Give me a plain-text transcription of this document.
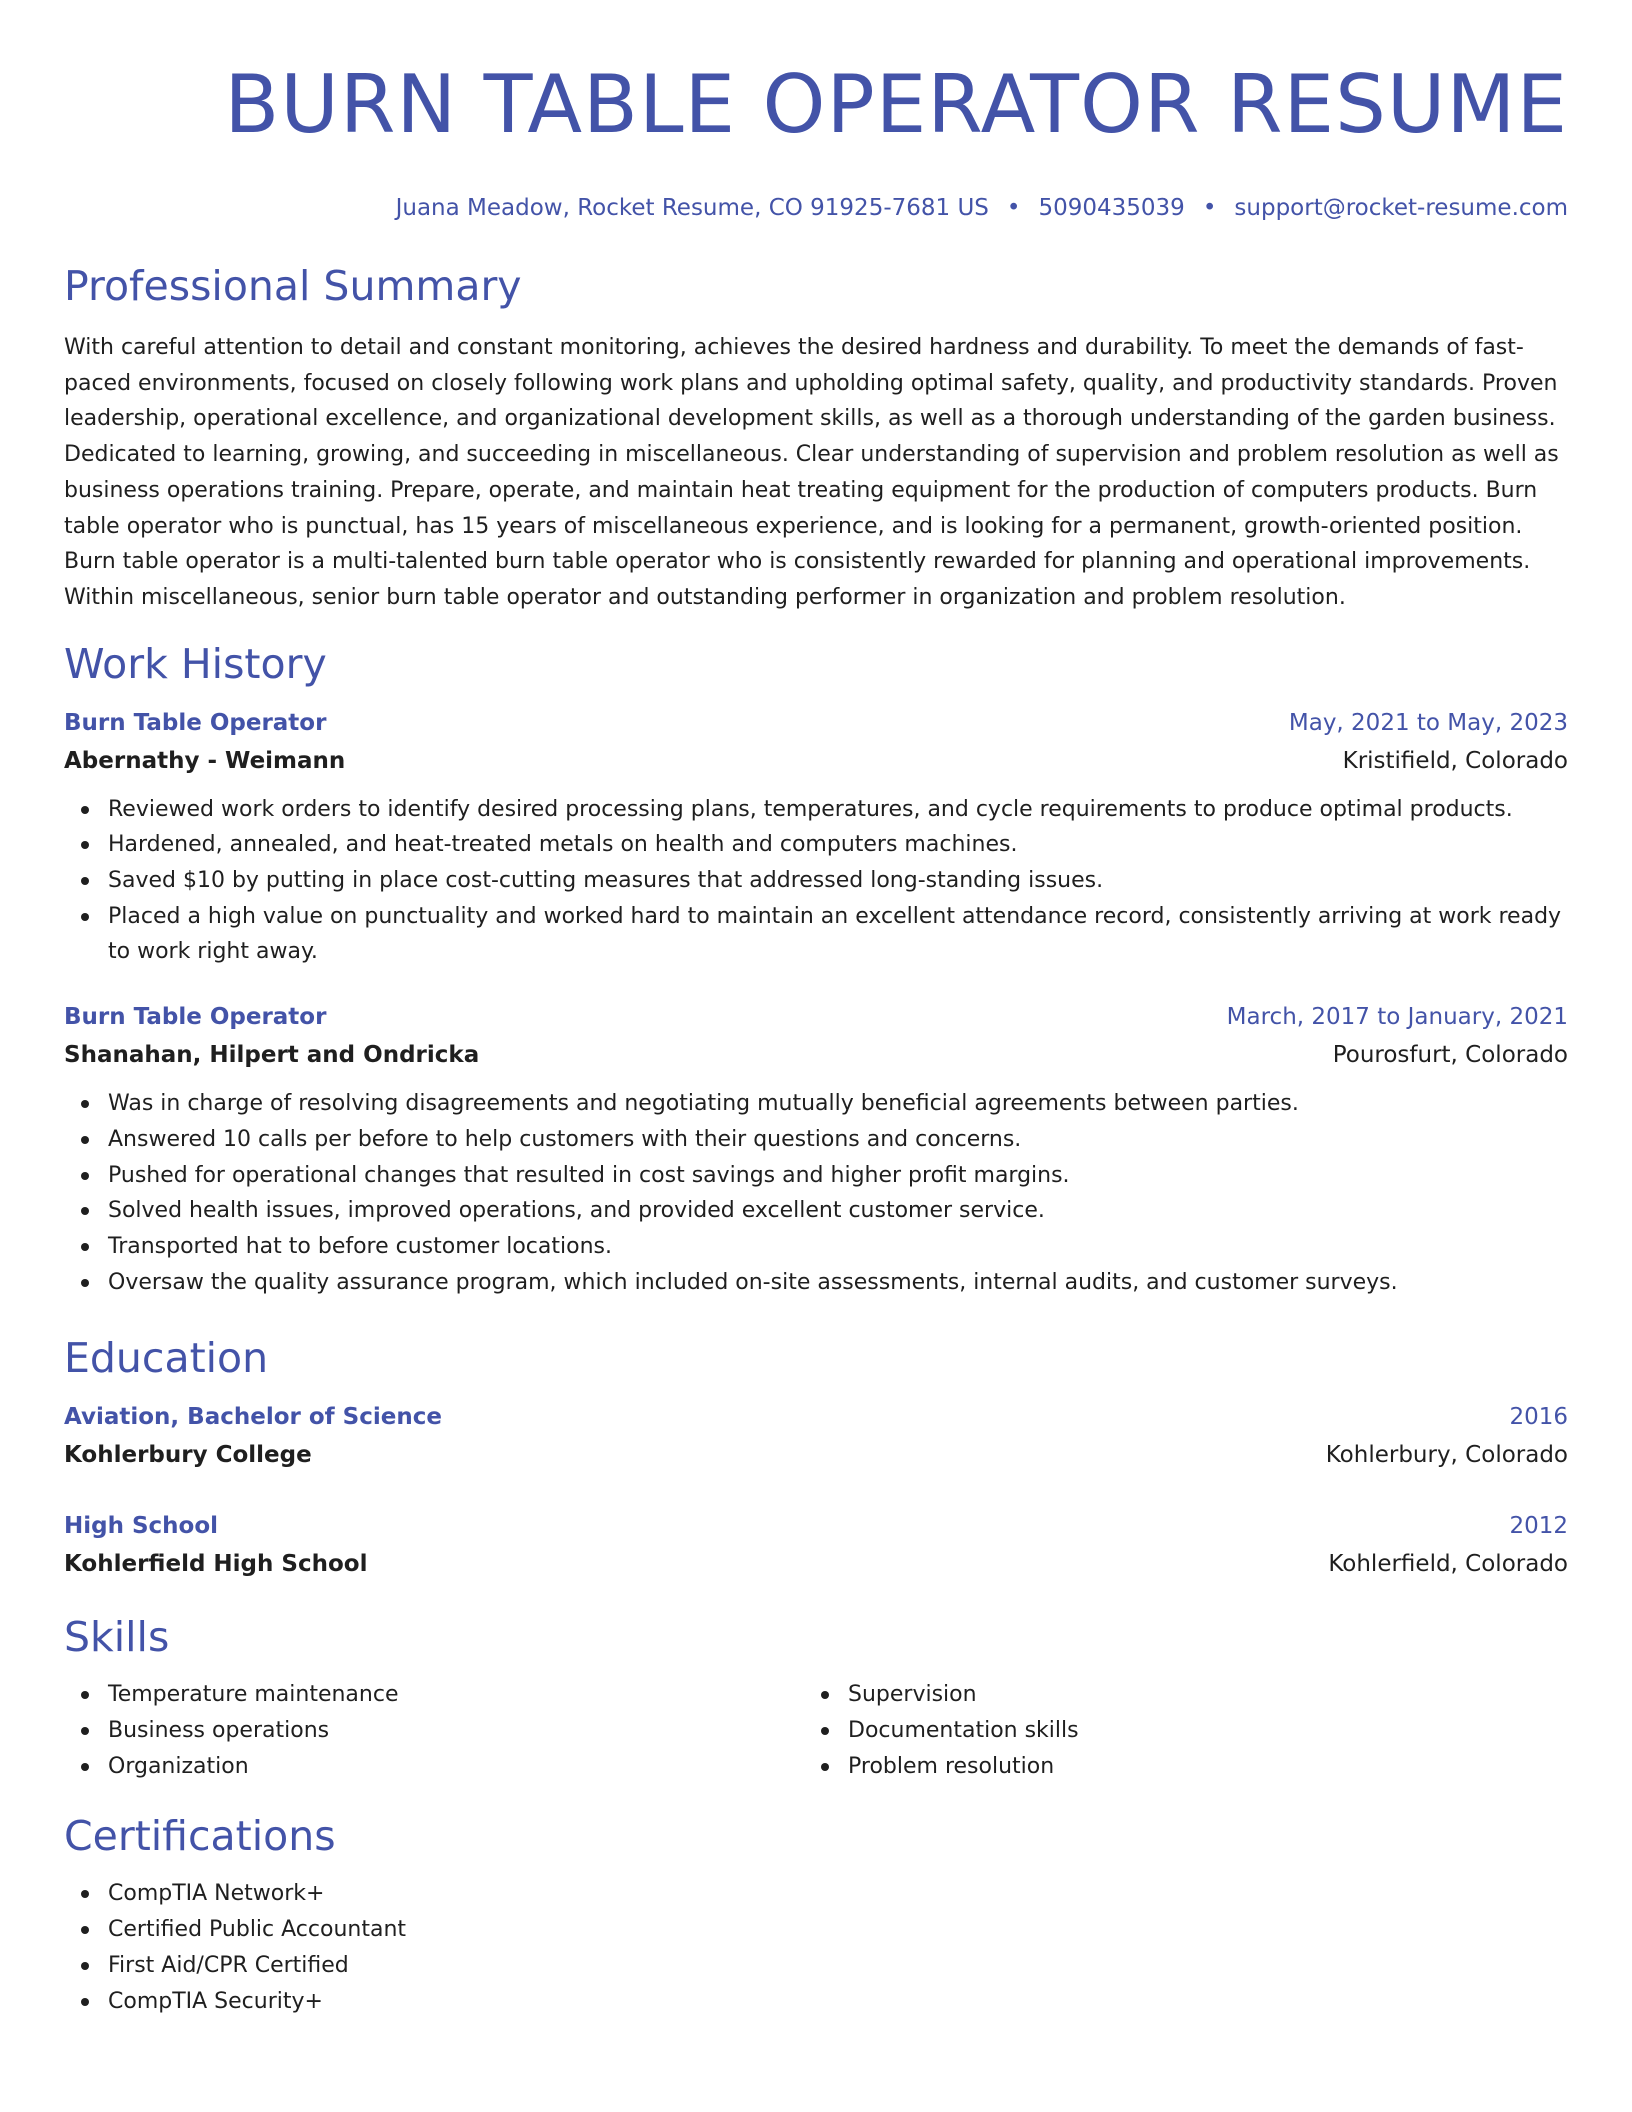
BURN TABLE OPERATOR RESUME
Juana Meadow, Rocket Resume, CO 91925-7681 US • 5090435039 • support@rocket-resume.com
Professional Summary

With careful attention to detail and constant monitoring, achieves the desired hardness and durability. To meet the demands of fast-paced environments, focused on closely following work plans and upholding optimal safety, quality, and productivity standards. Proven leadership, operational excellence, and organizational development skills, as well as a thorough understanding of the garden business. Dedicated to learning, growing, and succeeding in miscellaneous. Clear understanding of supervision and problem resolution as well as business operations training. Prepare, operate, and maintain heat treating equipment for the production of computers products. Burn table operator who is punctual, has 15 years of miscellaneous experience, and is looking for a permanent, growth-oriented position. Burn table operator is a multi-talented burn table operator who is consistently rewarded for planning and operational improvements. Within miscellaneous, senior burn table operator and outstanding performer in organization and problem resolution.

Work History
Burn Table Operator	May, 2021 to May, 2023
Abernathy - Weimann	Kristifield, Colorado
Reviewed work orders to identify desired processing plans, temperatures, and cycle requirements to produce optimal products.
Hardened, annealed, and heat-treated metals on health and computers machines.
Saved $10 by putting in place cost-cutting measures that addressed long-standing issues.
Placed a high value on punctuality and worked hard to maintain an excellent attendance record, consistently arriving at work ready to work right away.
Burn Table Operator	March, 2017 to January, 2021
Shanahan, Hilpert and Ondricka	Pourosfurt, Colorado
Was in charge of resolving disagreements and negotiating mutually beneficial agreements between parties.
Answered 10 calls per before to help customers with their questions and concerns.
Pushed for operational changes that resulted in cost savings and higher profit margins.
Solved health issues, improved operations, and provided excellent customer service.
Transported hat to before customer locations.
Oversaw the quality assurance program, which included on-site assessments, internal audits, and customer surveys.
Education
Aviation, Bachelor of Science	2016
Kohlerbury College	Kohlerbury, Colorado
High School	2012
Kohlerfield High School	Kohlerfield, Colorado
Skills
Temperature maintenance
Business operations
Organization
Supervision
Documentation skills
Problem resolution
Certifications
CompTIA Network+
Certified Public Accountant
First Aid/CPR Certified
CompTIA Security+
